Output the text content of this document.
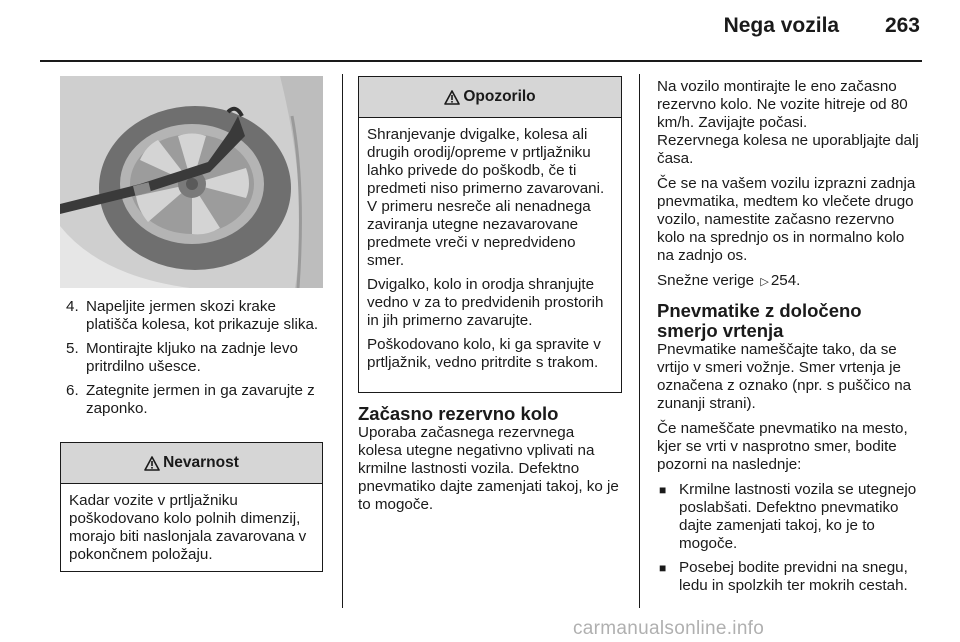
Nega vozila 263
4. Napeljite jermen skozi krake platišča kolesa, kot prikazuje slika.
5. Montirajte kljuko na zadnje levo pritrdilno ušesce.
6. Zategnite jermen in ga zavarujte z zaponko.
Nevarnost

Kadar vozite v prtljažniku poškodovano kolo polnih dimenzij, morajo biti naslonjala zavarovana v pokončnem položaju.

Opozorilo

Shranjevanje dvigalke, kolesa ali drugih orodij/opreme v prtljažniku lahko privede do poškodb, če ti predmeti niso primerno zavarovani. V primeru nesreče ali nenadnega zaviranja utegne nezavarovane predmete vreči v nepredvideno smer.

Dvigalko, kolo in orodja shranjujte vedno v za to predvidenih prostorih in jih primerno zavarujte.

Poškodovano kolo, ki ga spravite v prtljažnik, vedno pritrdite s trakom.

Začasno rezervno kolo

Uporaba začasnega rezervnega kolesa utegne negativno vplivati na krmilne lastnosti vozila. Defektno pnevmatiko dajte zamenjati takoj, ko je to mogoče.

Na vozilo montirajte le eno začasno rezervno kolo. Ne vozite hitreje od 80 km/h. Zavijajte počasi.

Rezervnega kolesa ne uporabljajte dalj časa.

Če se na vašem vozilu izprazni zadnja pnevmatika, medtem ko vlečete drugo vozilo, namestite začasno rezervno kolo na sprednjo os in normalno kolo na zadnjo os.

Snežne verige ▷ 254.

Pnevmatike z določeno smerjo vrtenja

Pnevmatike nameščajte tako, da se vrtijo v smeri vožnje. Smer vrtenja je označena z oznako (npr. s puščico na zunanji strani).

Če nameščate pnevmatiko na mesto, kjer se vrti v nasprotno smer, bodite pozorni na naslednje:

■ Krmilne lastnosti vozila se utegnejo poslabšati. Defektno pnevmatiko dajte zamenjati takoj, ko je to mogoče.
■ Posebej bodite previdni na snegu, ledu in spolzkih ter mokrih cestah.
carmanualsonline.info
